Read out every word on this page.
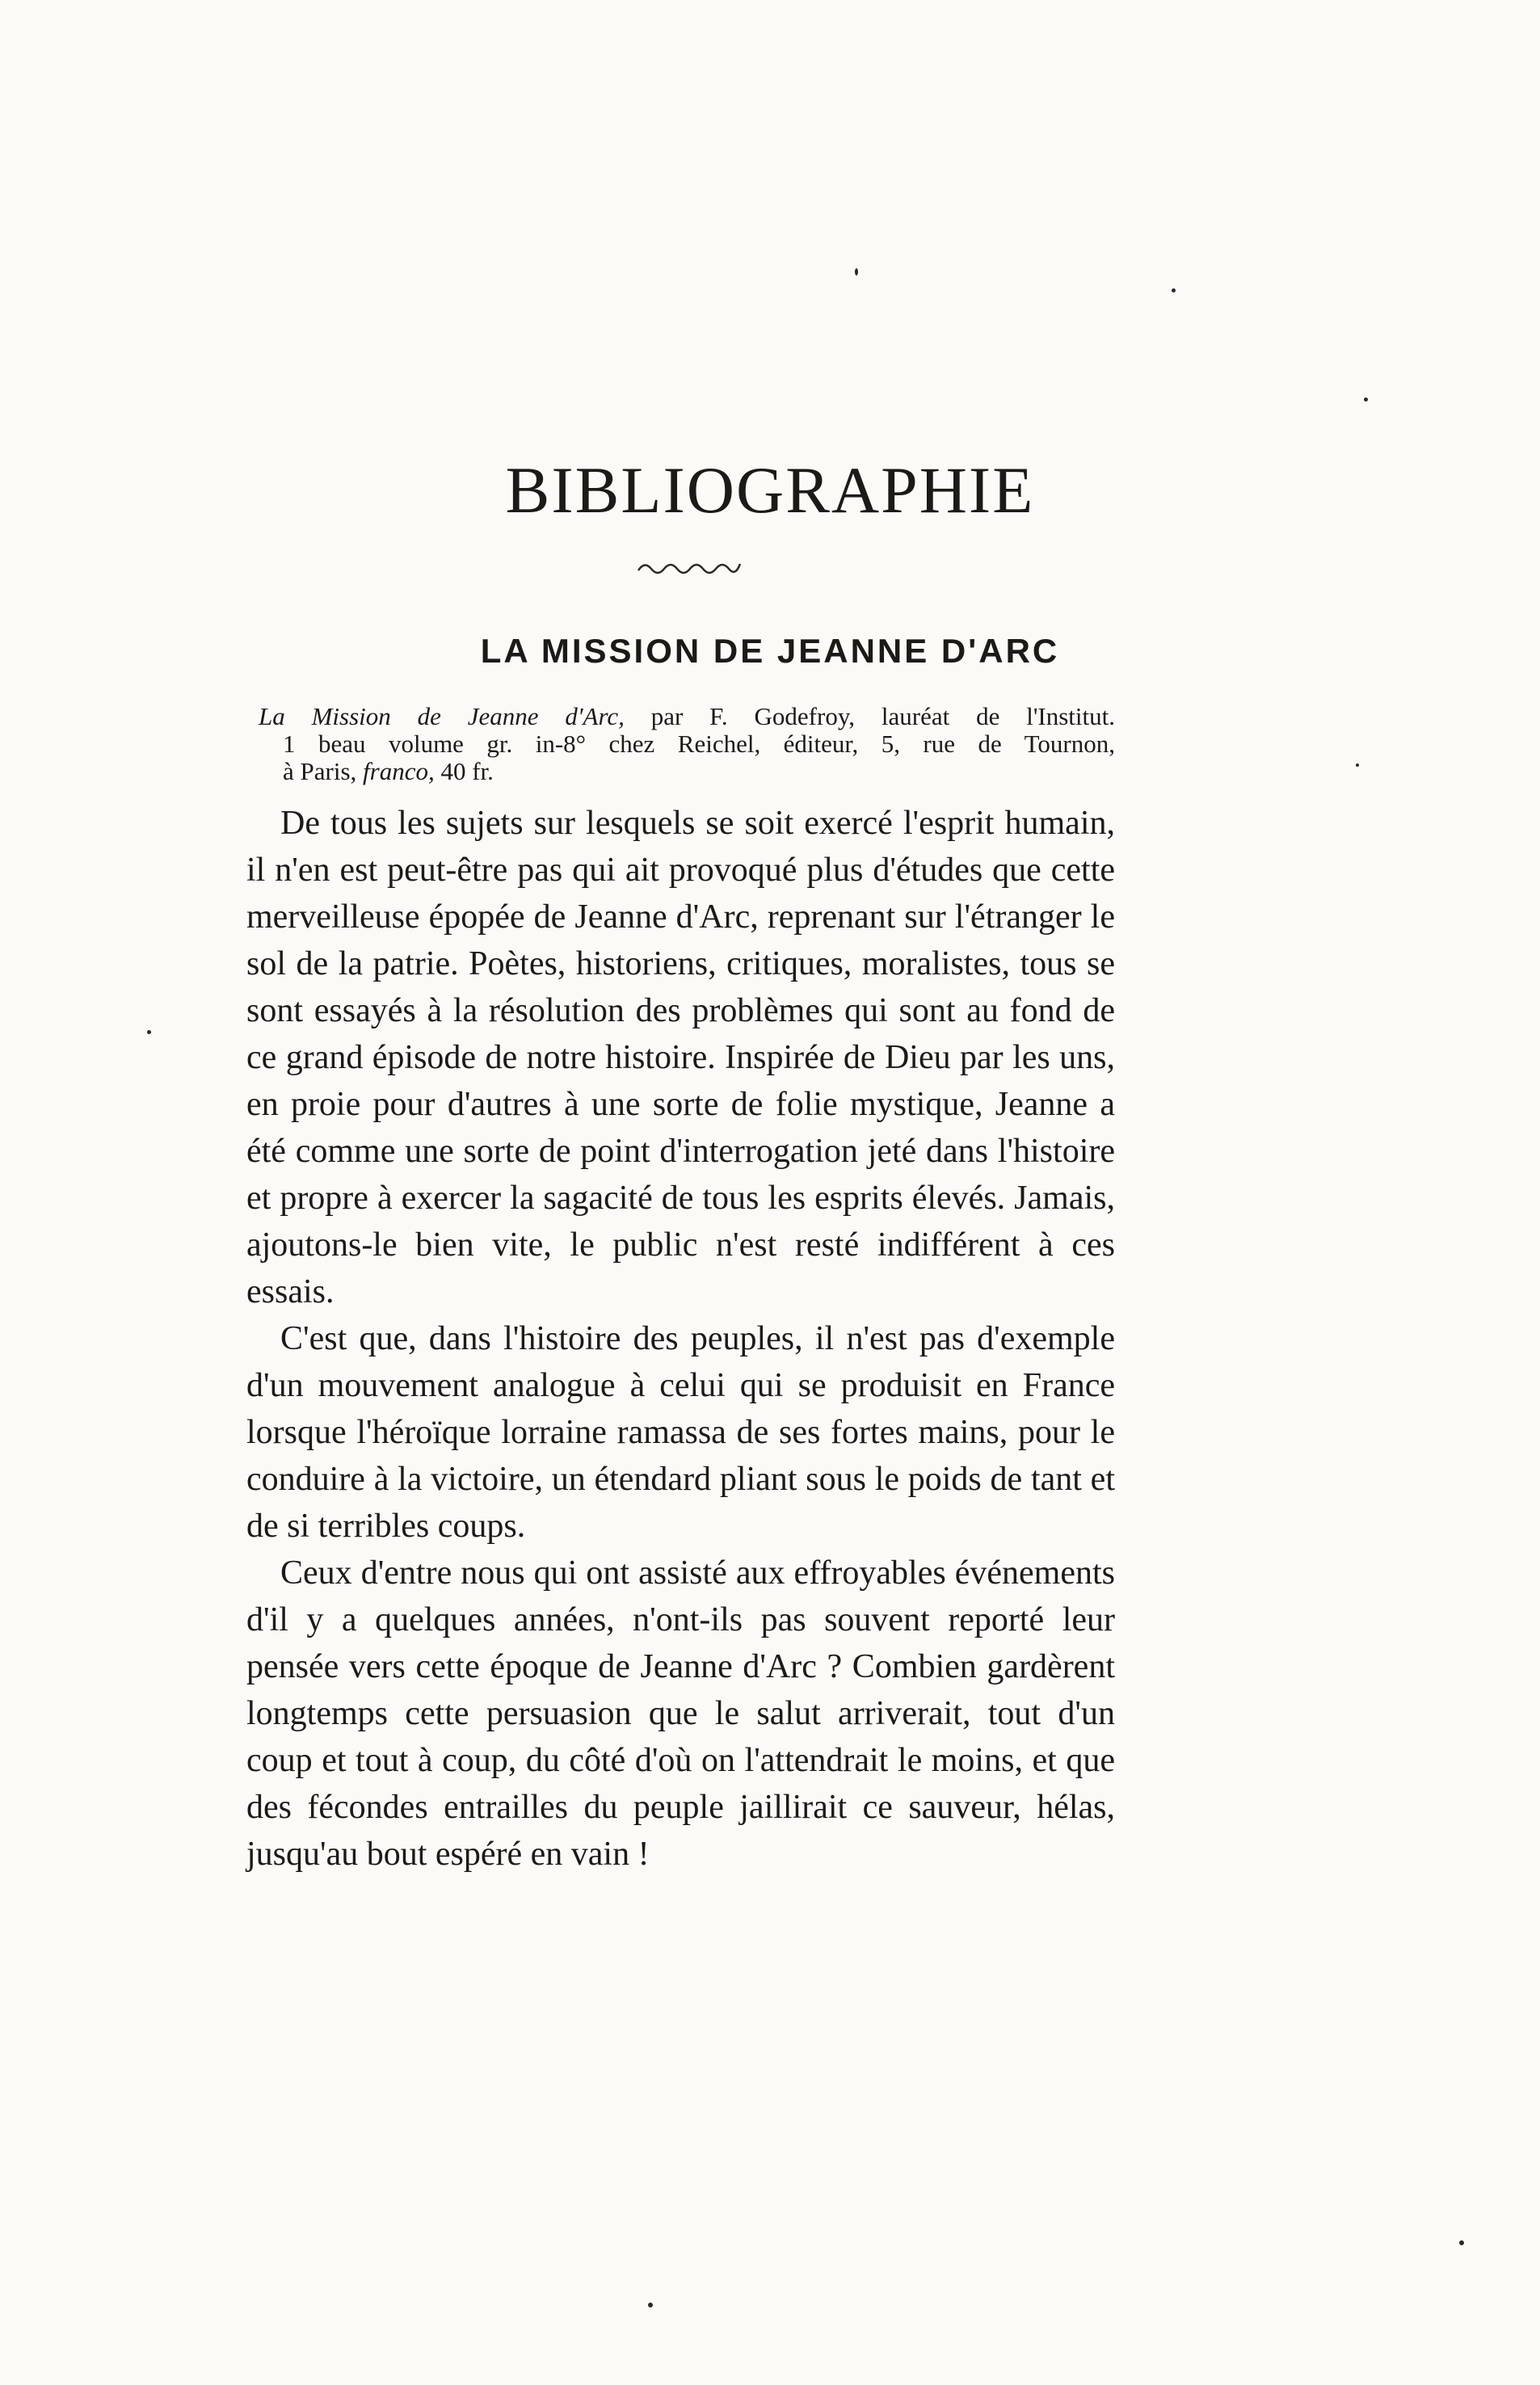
BIBLIOGRAPHIE
LA MISSION DE JEANNE D'ARC
La Mission de Jeanne d'Arc, par F. Godefroy, lauréat de l'Institut.
1 beau volume gr. in-8° chez Reichel, éditeur, 5, rue de Tournon,
à Paris, franco, 40 fr.

De tous les sujets sur lesquels se soit exercé l'esprit humain, il n'en est peut-être pas qui ait provoqué plus d'études que cette merveilleuse épopée de Jeanne d'Arc, reprenant sur l'étranger le sol de la patrie. Poètes, historiens, critiques, moralistes, tous se sont essayés à la résolution des problèmes qui sont au fond de ce grand épisode de notre histoire. Inspirée de Dieu par les uns, en proie pour d'autres à une sorte de folie mystique, Jeanne a été comme une sorte de point d'interrogation jeté dans l'histoire et propre à exercer la sagacité de tous les esprits élevés. Jamais, ajoutons-le bien vite, le public n'est resté indifférent à ces essais.

C'est que, dans l'histoire des peuples, il n'est pas d'exemple d'un mouvement analogue à celui qui se produisit en France lorsque l'héroïque lorraine ramassa de ses fortes mains, pour le conduire à la victoire, un étendard pliant sous le poids de tant et de si terribles coups.

Ceux d'entre nous qui ont assisté aux effroyables événements d'il y a quelques années, n'ont-ils pas souvent reporté leur pensée vers cette époque de Jeanne d'Arc ? Combien gardèrent longtemps cette persuasion que le salut arriverait, tout d'un coup et tout à coup, du côté d'où on l'attendrait le moins, et que des fécondes entrailles du peuple jaillirait ce sauveur, hélas, jusqu'au bout espéré en vain !
